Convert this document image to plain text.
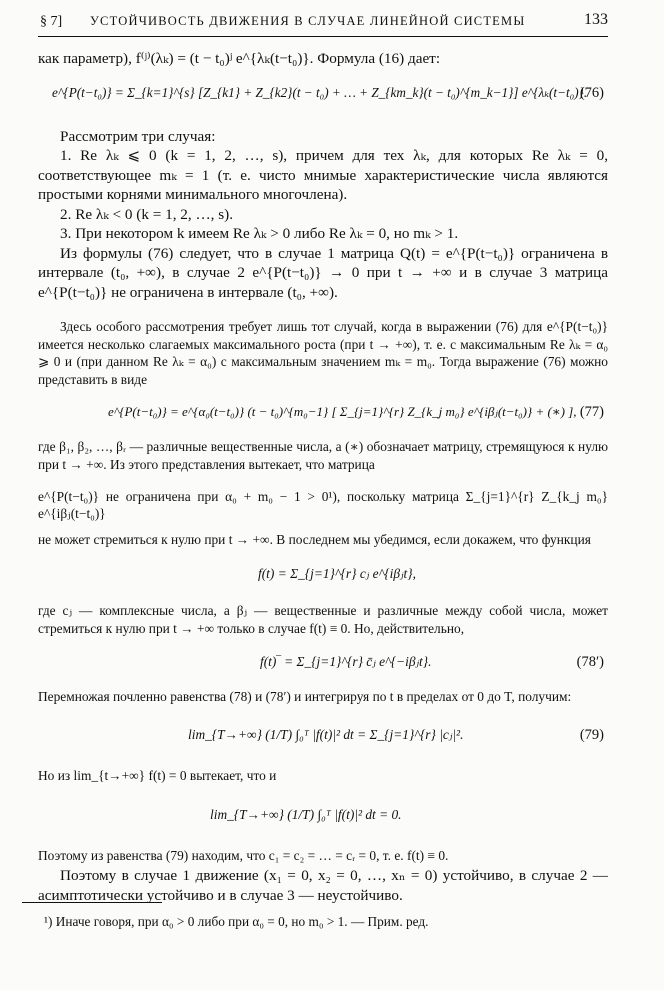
§ 7] УСТОЙЧИВОСТЬ ДВИЖЕНИЯ В СЛУЧАЕ ЛИНЕЙНОЙ СИСТЕМЫ	133

как параметр), f⁽ʲ⁾(λₖ) = (t − t₀)ʲ e^{λₖ(t−t₀)}. Формула (16) дает:

e^{P(t−t₀)} = Σ_{k=1}^{s} [Z_{k1} + Z_{k2}(t − t₀) + … + Z_{km_k}(t − t₀)^{m_k−1}] e^{λₖ(t−t₀)}.
(76)

Рассмотрим три случая:

1. Re λₖ ⩽ 0 (k = 1, 2, …, s), причем для тех λₖ, для которых Re λₖ = 0, соответствующее mₖ = 1 (т. е. чисто мнимые характеристические числа являются простыми корнями минимального многочлена).

2. Re λₖ < 0 (k = 1, 2, …, s).

3. При некотором k имеем Re λₖ > 0 либо Re λₖ = 0, но mₖ > 1.

Из формулы (76) следует, что в случае 1 матрица Q(t) = e^{P(t−t₀)} ограничена в интервале (t₀, +∞), в случае 2 e^{P(t−t₀)} → 0 при t → +∞ и в случае 3 матрица e^{P(t−t₀)} не ограничена в интервале (t₀, +∞).

Здесь особого рассмотрения требует лишь тот случай, когда в выражении (76) для e^{P(t−t₀)} имеется несколько слагаемых максимального роста (при t → +∞), т. е. с максимальным Re λₖ = α₀ ⩾ 0 и (при данном Re λₖ = α₀) с максимальным значением mₖ = m₀. Тогда выражение (76) можно представить в виде

e^{P(t−t₀)} = e^{α₀(t−t₀)} (t − t₀)^{m₀−1} [ Σ_{j=1}^{r} Z_{k_j m₀} e^{iβⱼ(t−t₀)} + (∗) ], (77)

где β₁, β₂, …, βᵣ — различные вещественные числа, а (∗) обозначает матрицу, стремящуюся к нулю при t → +∞. Из этого представления вытекает, что матрица

e^{P(t−t₀)} не ограничена при α₀ + m₀ − 1 > 0¹), поскольку матрица Σ_{j=1}^{r} Z_{k_j m₀} e^{iβⱼ(t−t₀)}

не может стремиться к нулю при t → +∞. В последнем мы убедимся, если докажем, что функция

f(t) = Σ_{j=1}^{r} cⱼ e^{iβⱼt},

где cⱼ — комплексные числа, а βⱼ — вещественные и различные между собой числа, может стремиться к нулю при t → +∞ только в случае f(t) ≡ 0. Но, действительно,

f(t)‾ = Σ_{j=1}^{r} c̄ⱼ e^{−iβⱼt}.	(78′)

Перемножая почленно равенства (78) и (78′) и интегрируя по t в пределах от 0 до T, получим:

lim_{T→+∞} (1/T) ∫₀ᵀ |f(t)|² dt = Σ_{j=1}^{r} |cⱼ|².	(79)

Но из lim_{t→+∞} f(t) = 0 вытекает, что и

lim_{T→+∞} (1/T) ∫₀ᵀ |f(t)|² dt = 0.

Поэтому из равенства (79) находим, что c₁ = c₂ = … = cᵣ = 0, т. е. f(t) ≡ 0.

Поэтому в случае 1 движение (x₁ = 0, x₂ = 0, …, xₙ = 0) устойчиво, в случае 2 — асимптотически устойчиво и в случае 3 — неустойчиво.

¹) Иначе говоря, при α₀ > 0 либо при α₀ = 0, но m₀ > 1. — Прим. ред.
